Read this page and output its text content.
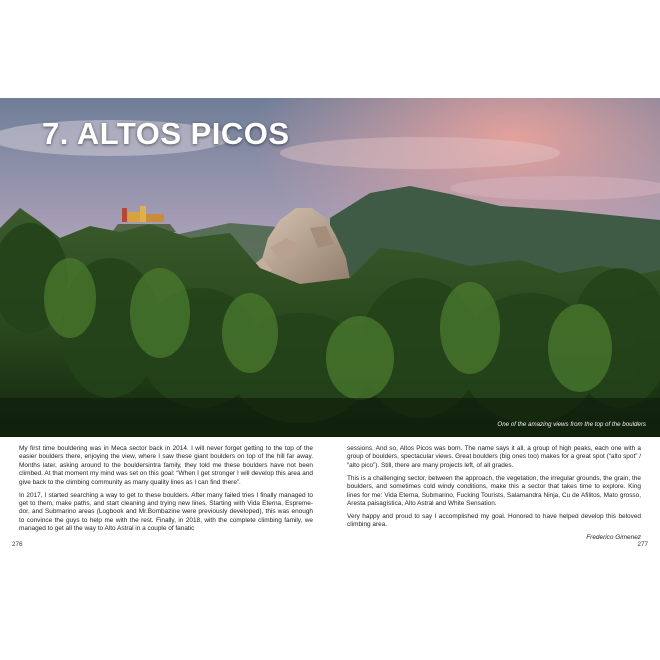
7. ALTOS PICOS
One of the amazing views from the top of the boulders

My first time bouldering was in Meca sector back in 2014. I will never forget getting to the top of the easier boulders there, enjoying the view, where I saw these giant boulders on top of the hill far away. Months later, asking around to the bouldersintra family, they told me these boulders have not been climbed. At that moment my mind was set on this goal: “When I get stronger I will develop this area and give back to the climbing community as many quality lines as I can find there”.

In 2017, I started searching a way to get to these boulders. After many failed tries I finally managed to get to them, make paths, and start cleaning and trying new lines. Starting with Vida Eterna, Espreme-dor, and Submarino areas (Logbook and Mr.Bombazine were previously developed), this was enough to convince the guys to help me with the rest. Finally, in 2018, with the complete climbing family, we managed to get all the way to Alto Astral in a couple of fanatic

sessions. And so, Altos Picos was born. The name says it all, a group of high peaks, each one with a group of boulders, spectacular views. Great boulders (big ones too) makes for a great spot (“alto spot” / “alto pico”). Still, there are many projects left, of all grades.

This is a challenging sector, between the approach, the vegetation, the irregular grounds, the grain, the boulders, and sometimes cold windy conditions, make this a sector that takes time to explore. King lines for me: Vida Eterna, Submarino, Fucking Tourists, Salamandra Ninja, Cu de Afilitos, Mato grosso, Aresta paisagística, Alto Astral and White Sensation.

Very happy and proud to say I accomplished my goal. Honored to have helped develop this beloved climbing area.

Frederico Gimenez
276	277
